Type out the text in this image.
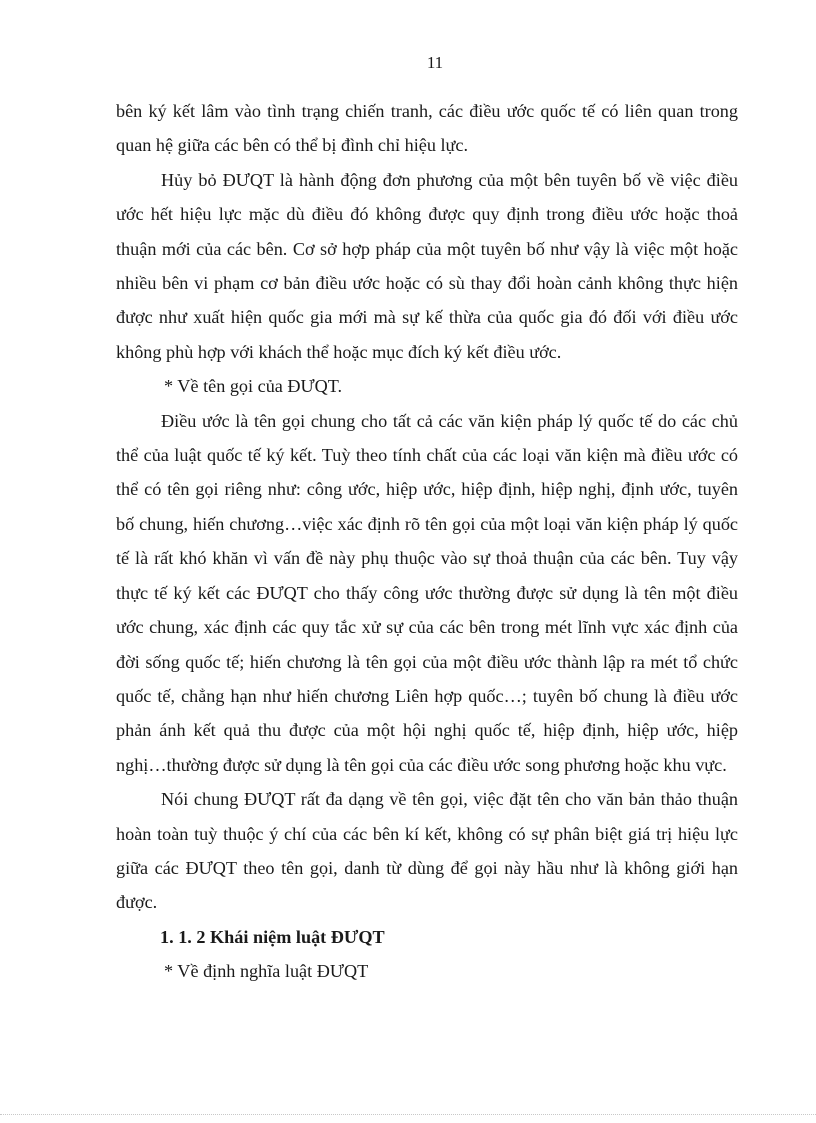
11

bên ký kết lâm vào tình trạng chiến tranh, các điều ước quốc tế có liên quan trong quan hệ giữa các bên có thể bị đình chỉ hiệu lực.

Hủy bỏ ĐƯQT là hành động đơn phương của một bên tuyên bố về việc điều ước hết hiệu lực mặc dù điều đó không được quy định trong điều ước hoặc thoả thuận mới của các bên. Cơ sở hợp pháp của một tuyên bố như vậy là việc một hoặc nhiều bên vi phạm cơ bản điều ước hoặc có sù thay đổi hoàn cảnh không thực hiện được như xuất hiện quốc gia mới mà sự kế thừa của quốc gia đó đối với điều ước không phù hợp với khách thể hoặc mục đích ký kết điều ước.

* Về tên gọi của ĐƯQT.

Điều ước là tên gọi chung cho tất cả các văn kiện pháp lý quốc tế do các chủ thể của luật quốc tế ký kết. Tuỳ theo tính chất của các loại văn kiện mà điều ước có thể có tên gọi riêng như: công ước, hiệp ước, hiệp định, hiệp nghị, định ước, tuyên bố chung, hiến chương…việc xác định rõ tên gọi của một loại văn kiện pháp lý quốc tế là rất khó khăn vì vấn đề này phụ thuộc vào sự thoả thuận của các bên. Tuy vậy thực tế ký kết các ĐƯQT cho thấy công ước thường được sử dụng là tên một điều ước chung, xác định các quy tắc xử sự của các bên trong mét lĩnh vực xác định của đời sống quốc tế; hiến chương là tên gọi của một điều ước thành lập ra mét tổ chức quốc tế, chẳng hạn như hiến chương Liên hợp quốc…; tuyên bố chung là điều ước phản ánh kết quả thu được của một hội nghị quốc tế, hiệp định, hiệp ước, hiệp nghị…thường được sử dụng là tên gọi của các điều ước song phương hoặc khu vực.

Nói chung ĐƯQT rất đa dạng về tên gọi, việc đặt tên cho văn bản thảo thuận hoàn toàn tuỳ thuộc ý chí của các bên kí kết, không có sự phân biệt giá trị hiệu lực giữa các ĐƯQT theo tên gọi, danh từ dùng để gọi này hầu như là không giới hạn được.

1. 1. 2 Khái niệm luật ĐƯQT

* Về định nghĩa luật ĐƯQT
